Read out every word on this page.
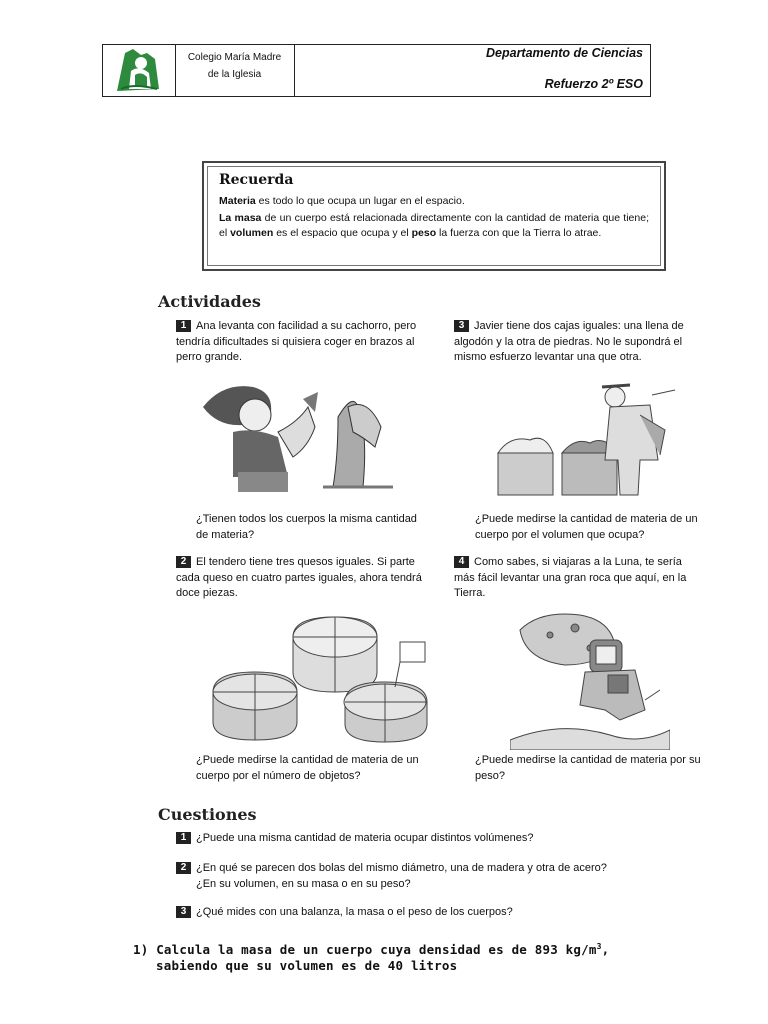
Colegio María Madre
de la Iglesia
Departamento de Ciencias
Refuerzo 2º ESO
Recuerda

Materia es todo lo que ocupa un lugar en el espacio.

La masa de un cuerpo está relacionada directamente con la cantidad de materia que tiene; el volumen es el espacio que ocupa y el peso la fuerza con que la Tierra lo atrae.

Actividades
1 Ana levanta con facilidad a su cachorro, pero tendría dificultades si quisiera coger en brazos al perro grande.
¿Tienen todos los cuerpos la misma cantidad de materia?
2 El tendero tiene tres quesos iguales. Si parte cada queso en cuatro partes iguales, ahora tendrá doce piezas.
¿Puede medirse la cantidad de materia de un cuerpo por el número de objetos?
3 Javier tiene dos cajas iguales: una llena de algodón y la otra de piedras. No le supondrá el mismo esfuerzo levantar una que otra.
¿Puede medirse la cantidad de materia de un cuerpo por el volumen que ocupa?
4 Como sabes, si viajaras a la Luna, te sería más fácil levantar una gran roca que aquí, en la Tierra.
¿Puede medirse la cantidad de materia por su peso?
Cuestiones
1 ¿Puede una misma cantidad de materia ocupar distintos volúmenes?
2 ¿En qué se parecen dos bolas del mismo diámetro, una de madera y otra de acero?
¿En su volumen, en su masa o en su peso?
3 ¿Qué mides con una balanza, la masa o el peso de los cuerpos?
1) Calcula la masa de un cuerpo cuya densidad es de 893 $kg/m^3$,
sabiendo que su volumen es de 40 litros
